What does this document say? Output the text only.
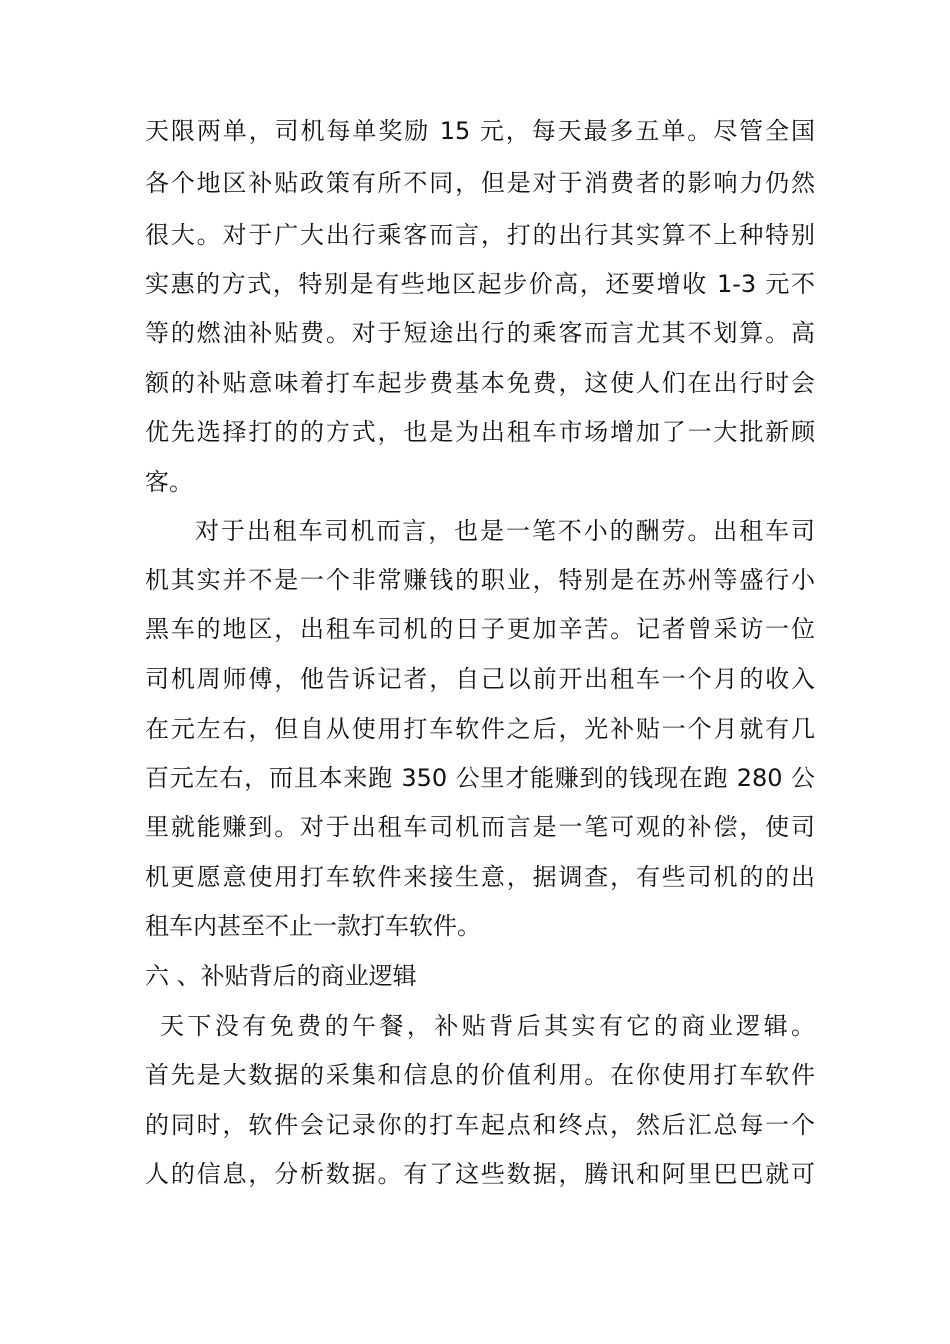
天限两单，司机每单奖励 15 元，每天最多五单。尽管全国
各个地区补贴政策有所不同，但是对于消费者的影响力仍然
很大。对于广大出行乘客而言，打的出行其实算不上种特别
实惠的方式，特别是有些地区起步价高，还要增收 1-3 元不
等的燃油补贴费。对于短途出行的乘客而言尤其不划算。高
额的补贴意味着打车起步费基本免费，这使人们在出行时会
优先选择打的的方式，也是为出租车市场增加了一大批新顾
客。
对于出租车司机而言，也是一笔不小的酬劳。出租车司
机其实并不是一个非常赚钱的职业，特别是在苏州等盛行小
黑车的地区，出租车司机的日子更加辛苦。记者曾采访一位
司机周师傅，他告诉记者，自己以前开出租车一个月的收入
在元左右，但自从使用打车软件之后，光补贴一个月就有几
百元左右，而且本来跑 350 公里才能赚到的钱现在跑 280 公
里就能赚到。对于出租车司机而言是一笔可观的补偿，使司
机更愿意使用打车软件来接生意，据调查，有些司机的的出
租车内甚至不止一款打车软件。
六 、补贴背后的商业逻辑
天下没有免费的午餐，补贴背后其实有它的商业逻辑。
首先是大数据的采集和信息的价值利用。在你使用打车软件
的同时，软件会记录你的打车起点和终点，然后汇总每一个
人的信息，分析数据。有了这些数据，腾讯和阿里巴巴就可
